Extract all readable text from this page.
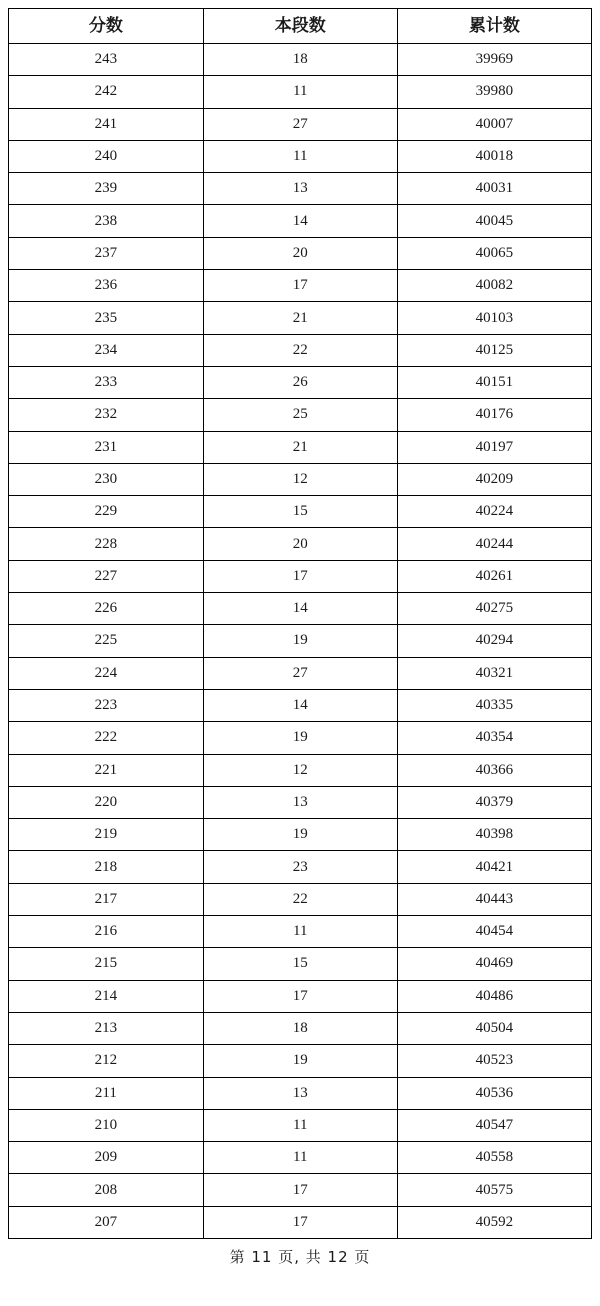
分数	本段数	累计数
243	18	39969
242	11	39980
241	27	40007
240	11	40018
239	13	40031
238	14	40045
237	20	40065
236	17	40082
235	21	40103
234	22	40125
233	26	40151
232	25	40176
231	21	40197
230	12	40209
229	15	40224
228	20	40244
227	17	40261
226	14	40275
225	19	40294
224	27	40321
223	14	40335
222	19	40354
221	12	40366
220	13	40379
219	19	40398
218	23	40421
217	22	40443
216	11	40454
215	15	40469
214	17	40486
213	18	40504
212	19	40523
211	13	40536
210	11	40547
209	11	40558
208	17	40575
207	17	40592
第 11 页, 共 12 页
